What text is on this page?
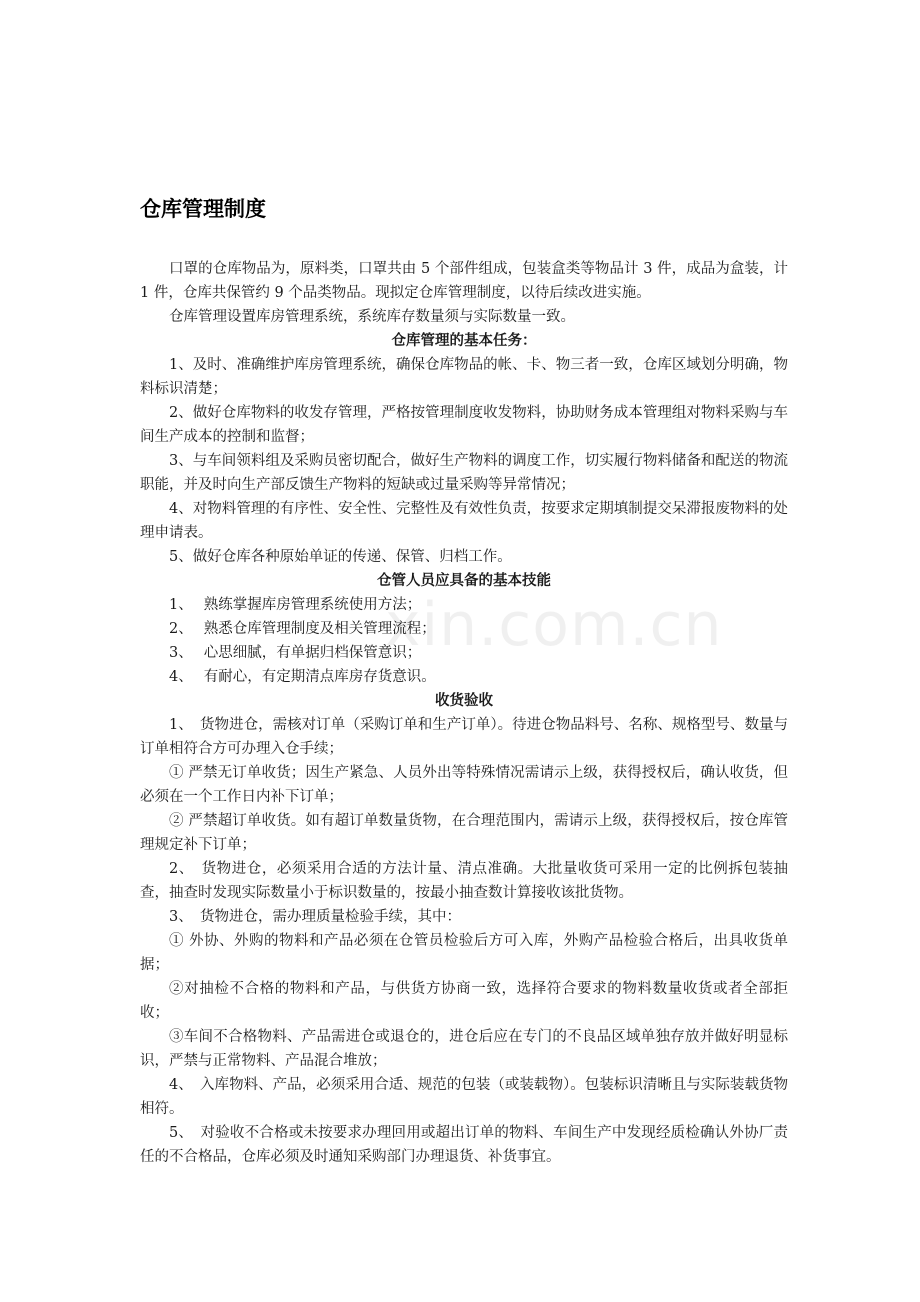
仓库管理制度
xin.com.cn

口罩的仓库物品为，原料类，口罩共由 5 个部件组成，包装盒类等物品计 3 件，成品为盒装，计 1 件，仓库共保管约 9 个品类物品。现拟定仓库管理制度，以待后续改进实施。

仓库管理设置库房管理系统，系统库存数量须与实际数量一致。

仓库管理的基本任务：

1、及时、准确维护库房管理系统，确保仓库物品的帐、卡、物三者一致，仓库区域划分明确，物料标识清楚；

2、做好仓库物料的收发存管理，严格按管理制度收发物料，协助财务成本管理组对物料采购与车间生产成本的控制和监督；

3、与车间领料组及采购员密切配合，做好生产物料的调度工作，切实履行物料储备和配送的物流职能，并及时向生产部反馈生产物料的短缺或过量采购等异常情况；

4、对物料管理的有序性、安全性、完整性及有效性负责，按要求定期填制提交呆滞报废物料的处理申请表。

5、做好仓库各种原始单证的传递、保管、归档工作。

仓管人员应具备的基本技能

1、 熟练掌握库房管理系统使用方法；

2、 熟悉仓库管理制度及相关管理流程；

3、 心思细腻，有单据归档保管意识；

4、 有耐心，有定期清点库房存货意识。

收货验收

1、　货物进仓，需核对订单（采购订单和生产订单）。待进仓物品料号、名称、规格型号、数量与订单相符合方可办理入仓手续；

① 严禁无订单收货；因生产紧急、人员外出等特殊情况需请示上级，获得授权后，确认收货，但必须在一个工作日内补下订单；

② 严禁超订单收货。如有超订单数量货物，在合理范围内，需请示上级，获得授权后，按仓库管理规定补下订单；

2、　货物进仓，必须采用合适的方法计量、清点准确。大批量收货可采用一定的比例拆包装抽查，抽查时发现实际数量小于标识数量的，按最小抽查数计算接收该批货物。

3、　货物进仓，需办理质量检验手续，其中：

① 外协、外购的物料和产品必须在仓管员检验后方可入库，外购产品检验合格后，出具收货单据；

②对抽检不合格的物料和产品，与供货方协商一致，选择符合要求的物料数量收货或者全部拒收；

③车间不合格物料、产品需进仓或退仓的，进仓后应在专门的不良品区域单独存放并做好明显标识，严禁与正常物料、产品混合堆放；

4、　入库物料、产品，必须采用合适、规范的包装（或装载物）。包装标识清晰且与实际装载货物相符。

5、　对验收不合格或未按要求办理回用或超出订单的物料、车间生产中发现经质检确认外协厂责任的不合格品，仓库必须及时通知采购部门办理退货、补货事宜。
